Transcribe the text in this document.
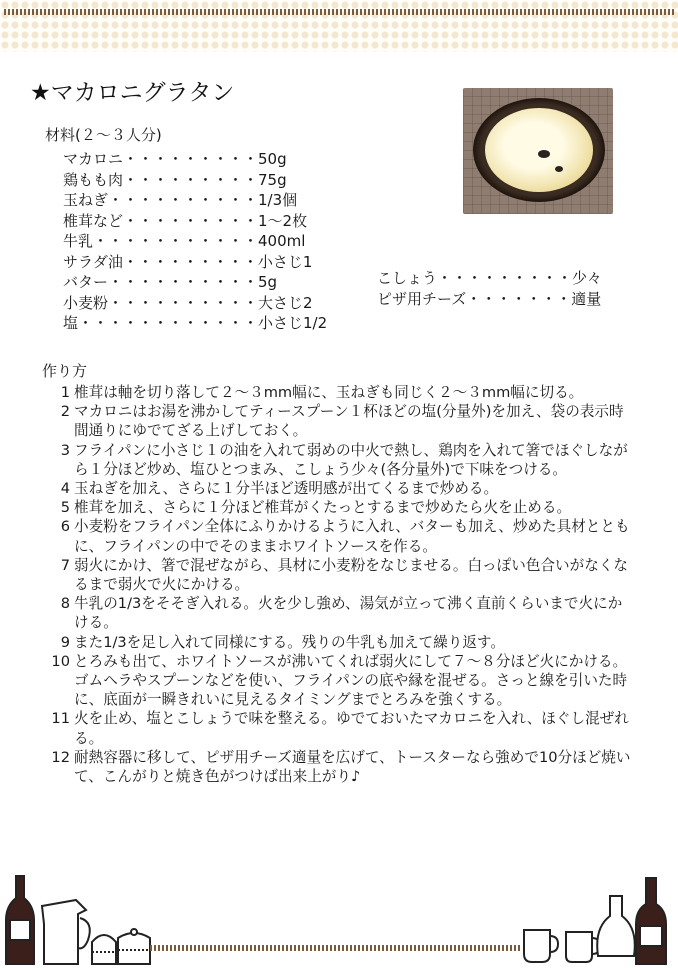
★マカロニグラタン
材料(２～３人分)
マカロニ・・・・・・・・・ 50g
鶏もも肉・・・・・・・・・ 75g
玉ねぎ・・・・・・・・・・ 1/3個
椎茸など・・・・・・・・・ 1～2枚
牛乳・・・・・・・・・・・ 400ml
サラダ油・・・・・・・・・ 小さじ1
バター・・・・・・・・・・ 5g
小麦粉・・・・・・・・・・ 大さじ2
塩・・・・・・・・・・・・ 小さじ1/2
こしょう・・・・・・・・・ 少々
ピザ用チーズ・・・・・・・ 適量
作り方
1 椎茸は軸を切り落して２～３mm幅に、玉ねぎも同じく２～３mm幅に切る。
2 マカロニはお湯を沸かしてティースプーン１杯ほどの塩(分量外)を加え、袋の表示時間通りにゆでてざる上げしておく。
3 フライパンに小さじ１の油を入れて弱めの中火で熱し、鶏肉を入れて箸でほぐしながら１分ほど炒め、塩ひとつまみ、こしょう少々(各分量外)で下味をつける。
4 玉ねぎを加え、さらに１分半ほど透明感が出てくるまで炒める。
5 椎茸を加え、さらに１分ほど椎茸がくたっとするまで炒めたら火を止める。
6 小麦粉をフライパン全体にふりかけるように入れ、バターも加え、炒めた具材とともに、フライパンの中でそのままホワイトソースを作る。
7 弱火にかけ、箸で混ぜながら、具材に小麦粉をなじませる。白っぽい色合いがなくなるまで弱火で火にかける。
8 牛乳の1/3をそそぎ入れる。火を少し強め、湯気が立って沸く直前くらいまで火にかける。
9 また1/3を足し入れて同様にする。残りの牛乳も加えて繰り返す。
10 とろみも出て、ホワイトソースが沸いてくれば弱火にして７～８分ほど火にかける。ゴムヘラやスプーンなどを使い、フライパンの底や縁を混ぜる。さっと線を引いた時に、底面が一瞬きれいに見えるタイミングまでとろみを強くする。
11 火を止め、塩とこしょうで味を整える。ゆでておいたマカロニを入れ、ほぐし混ぜれる。
12 耐熱容器に移して、ピザ用チーズ適量を広げて、トースターなら強めで10分ほど焼いて、こんがりと焼き色がつけば出来上がり♪
